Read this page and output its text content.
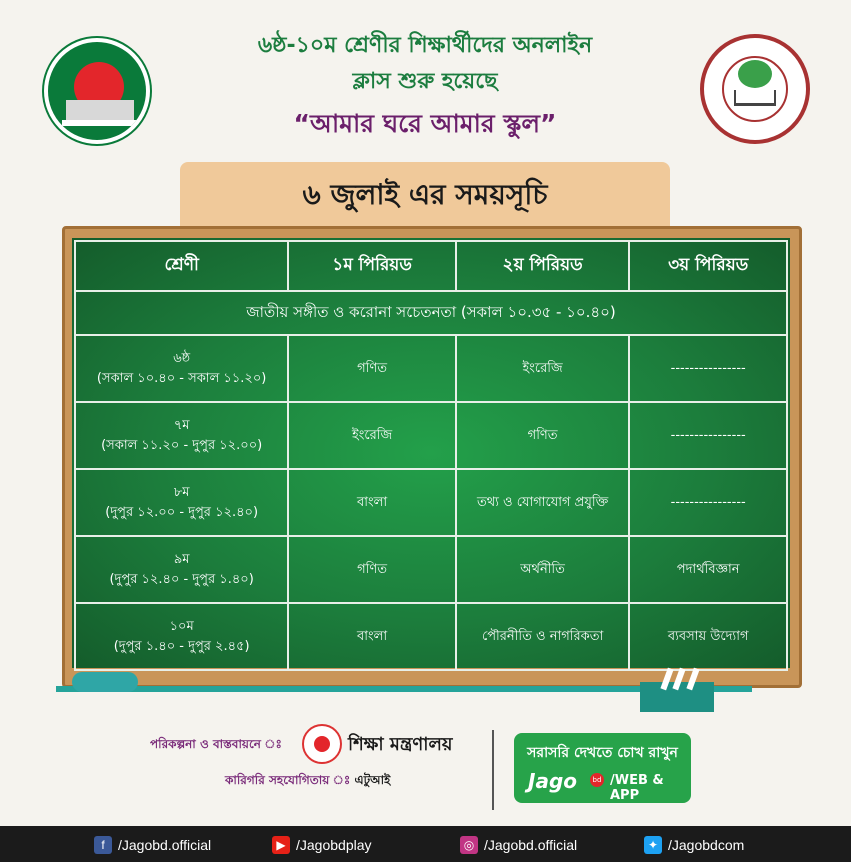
৬ষ্ঠ-১০ম শ্রেণীর শিক্ষার্থীদের অনলাইন
ক্লাস শুরু হয়েছে
“আমার ঘরে আমার স্কুল”
৬ জুলাই এর সময়সূচি
শ্রেণী	১ম পিরিয়ড	২য় পিরিয়ড	৩য় পিরিয়ড
জাতীয় সঙ্গীত ও করোনা সচেতনতা (সকাল ১০.৩৫ - ১০.৪০)			

৬ষ্ঠ
(সকাল ১০.৪০ - সকাল ১১.২০)	গণিত	ইংরেজি	----------------

৭ম
(সকাল ১১.২০ - দুপুর ১২.০০)	ইংরেজি	গণিত	----------------

৮ম
(দুপুর ১২.০০ - দুপুর ১২.৪০)	বাংলা	তথ্য ও যোগাযোগ প্রযুক্তি	----------------

৯ম
(দুপুর ১২.৪০ - দুপুর ১.৪০)	গণিত	অর্থনীতি	পদার্থবিজ্ঞান

১০ম
(দুপুর ১.৪০ - দুপুর ২.৪৫)	বাংলা	পৌরনীতি ও নাগরিকতা	ব্যবসায় উদ্যোগ
পরিকল্পনা ও বাস্তবায়নে ঃ	শিক্ষা মন্ত্রণালয়
কারিগরি সহযোগিতায় ঃ এটুআই
সরাসরি দেখতে চোখ রাখুন
Jago	bd /WEB & APP
f /Jagobd.official	▶ /Jagobdplay	◎ /Jagobd.official	✦ /Jagobdcom
